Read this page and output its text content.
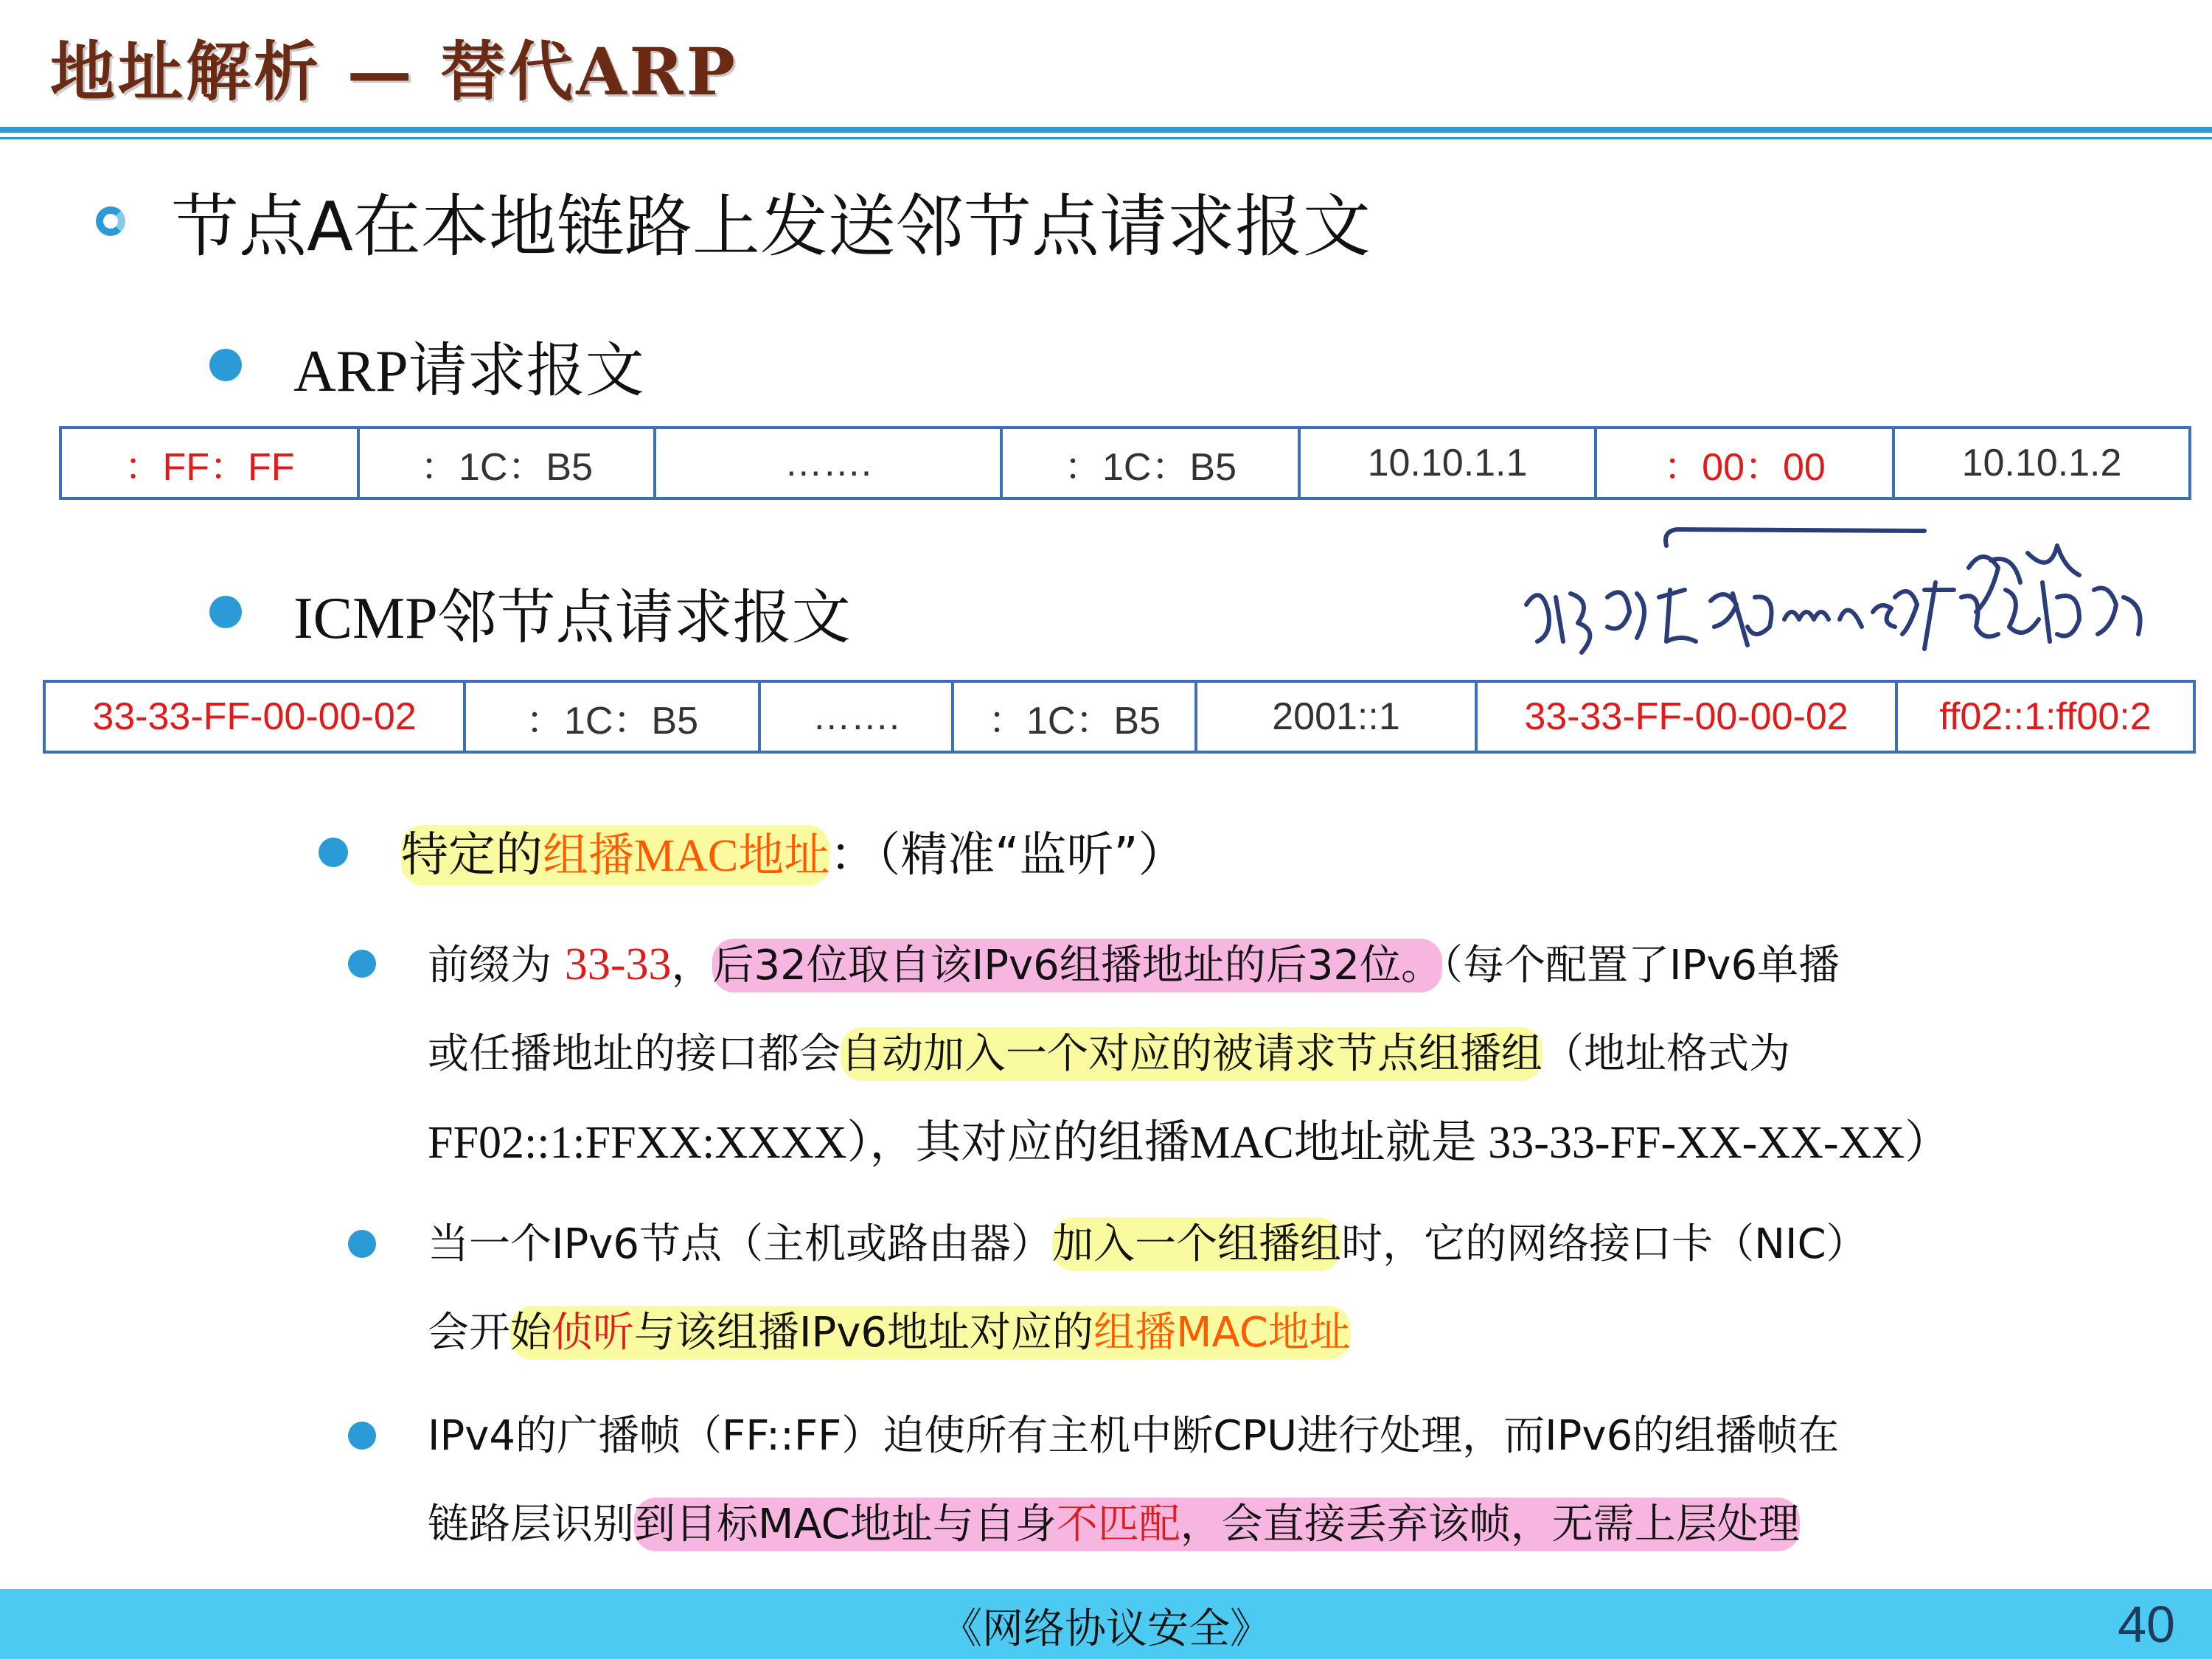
地址解析 — 替代ARP
节点A在本地链路上发送邻节点请求报文
ARP请求报文
：FF：FF	：1C：B5	…….	：1C：B5	10.10.1.1	：00：00	10.10.1.2
ICMP邻节点请求报文
33-33-FF-00-00-02	：1C：B5	…….	：1C：B5	2001::1	33-33-FF-00-00-02	ff02::1:ff00:2
特定的组播MAC地址：（精准“监听”）

前缀为 33-33，后32位取自该IPv6组播地址的后32位。（每个配置了IPv6单播

或任播地址的接口都会自动加入一个对应的被请求节点组播组（地址格式为

FF02::1:FFXX:XXXX），其对应的组播MAC地址就是 33-33-FF-XX-XX-XX）

当一个IPv6节点（主机或路由器）加入一个组播组时，它的网络接口卡（NIC）

会开始侦听与该组播IPv6地址对应的组播MAC地址

IPv4的广播帧（FF::FF）迫使所有主机中断CPU进行处理，而IPv6的组播帧在

链路层识别到目标MAC地址与自身不匹配，会直接丢弃该帧，无需上层处理

《网络协议安全》	40
